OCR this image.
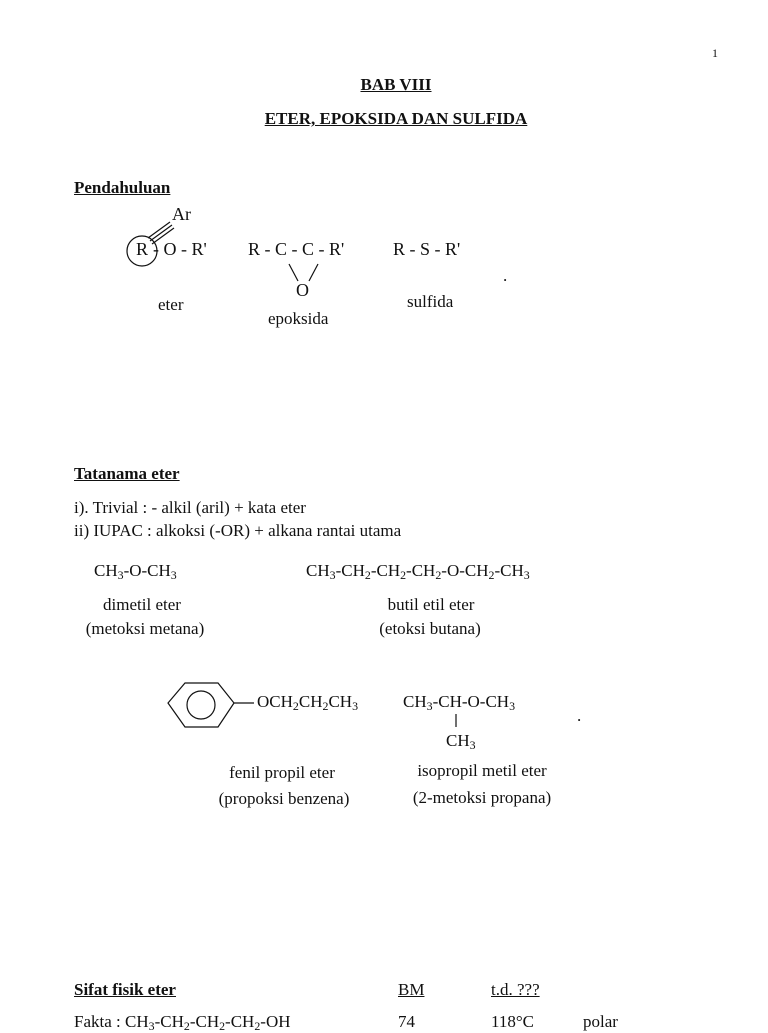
1
BAB VIII
ETER, EPOKSIDA DAN SULFIDA
Pendahuluan
Ar
R - O - R' R - C - C - R'
O
R - S - R'
.
eter
epoksida
sulfida
Tatanama eter
i). Trivial : - alkil (aril) + kata eter
ii) IUPAC : alkoksi (-OR) + alkana rantai utama
$CH_3-O-CH_3$	$CH_3-CH_2-CH_2-CH_2-O-CH_2-CH_3$
dimetil eter
(metoksi metana)
butil etil eter
(etoksi butana)
$OCH_2CH_2CH_3$	$CH_3-CH-O-CH_3$
$CH_3$
.
fenil propil eter
(propoksi benzena)
isopropil metil eter
(2-metoksi propana)
Sifat fisik eter	BM	t.d. ???
Fakta : $CH_3-CH_2-CH_2-CH_2-OH$	74	118°C	polar
